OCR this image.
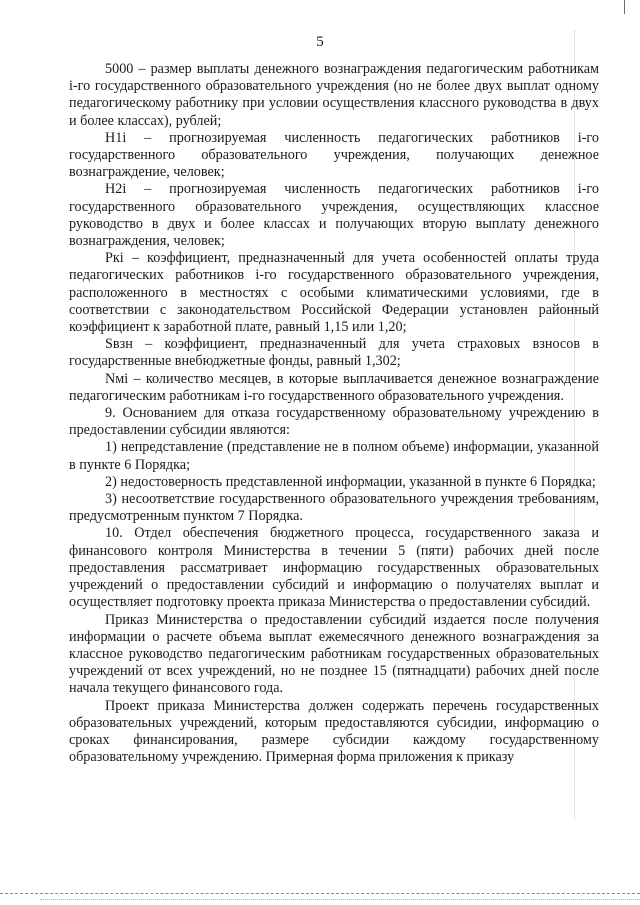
5

5000 – размер выплаты денежного вознаграждения педагогическим работникам i-го государственного образовательного учреждения (но не более двух выплат одному педагогическому работнику при условии осуществления классного руководства в двух и более классах), рублей;

Н1i – прогнозируемая численность педагогических работников i-го государственного образовательного учреждения, получающих денежное вознаграждение, человек;

Н2i – прогнозируемая численность педагогических работников i-го государственного образовательного учреждения, осуществляющих классное руководство в двух и более классах и получающих вторую выплату денежного вознаграждения, человек;

Ркi – коэффициент, предназначенный для учета особенностей оплаты труда педагогических работников i-го государственного образовательного учреждения, расположенного в местностях с особыми климатическими условиями, где в соответствии с законодательством Российской Федерации установлен районный коэффициент к заработной плате, равный 1,15 или 1,20;

Sвзн – коэффициент, предназначенный для учета страховых взносов в государственные внебюджетные фонды, равный 1,302;

Nмi – количество месяцев, в которые выплачивается денежное вознаграждение педагогическим работникам i-го государственного образовательного учреждения.

9. Основанием для отказа государственному образовательному учреждению в предоставлении субсидии являются:

1) непредставление (представление не в полном объеме) информации, указанной в пункте 6 Порядка;

2) недостоверность представленной информации, указанной в пункте 6 Порядка;

3) несоответствие государственного образовательного учреждения требованиям, предусмотренным пунктом 7 Порядка.

10. Отдел обеспечения бюджетного процесса, государственного заказа и финансового контроля Министерства в течении 5 (пяти) рабочих дней после предоставления рассматривает информацию государственных образовательных учреждений о предоставлении субсидий и информацию о получателях выплат и осуществляет подготовку проекта приказа Министерства о предоставлении субсидий.

Приказ Министерства о предоставлении субсидий издается после получения информации о расчете объема выплат ежемесячного денежного вознаграждения за классное руководство педагогическим работникам государственных образовательных учреждений от всех учреждений, но не позднее 15 (пятнадцати) рабочих дней после начала текущего финансового года.

Проект приказа Министерства должен содержать перечень государственных образовательных учреждений, которым предоставляются субсидии, информацию о сроках финансирования, размере субсидии каждому государственному образовательному учреждению. Примерная форма приложения к приказу
